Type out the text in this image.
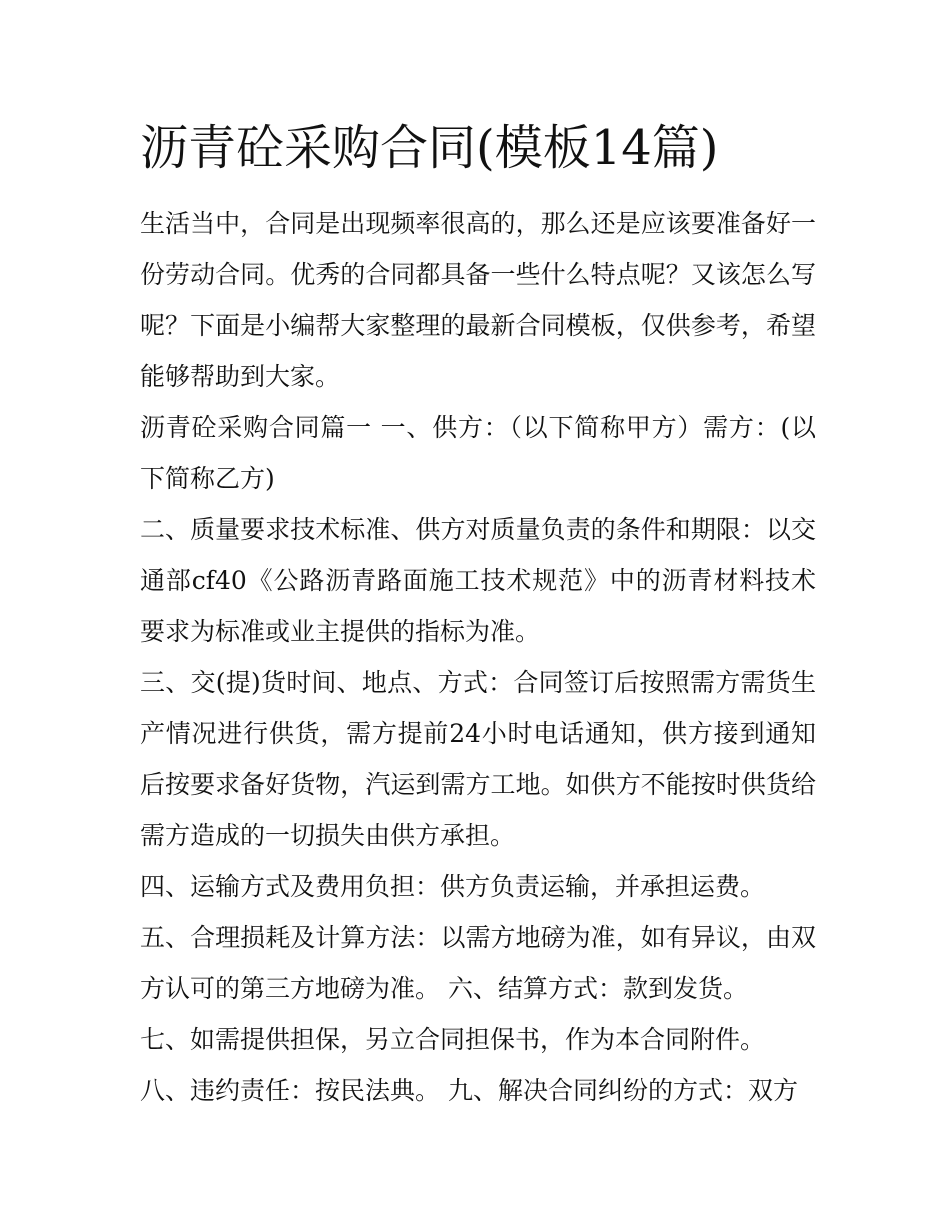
沥青砼采购合同(模板14篇)

生活当中，合同是出现频率很高的，那么还是应该要准备好一份劳动合同。优秀的合同都具备一些什么特点呢？又该怎么写呢？下面是小编帮大家整理的最新合同模板，仅供参考，希望能够帮助到大家。

沥青砼采购合同篇一 一、供方：（以下简称甲方）需方：(以下简称乙方)

二、质量要求技术标准、供方对质量负责的条件和期限：以交通部cf40《公路沥青路面施工技术规范》中的沥青材料技术要求为标准或业主提供的指标为准。

三、交(提)货时间、地点、方式：合同签订后按照需方需货生产情况进行供货，需方提前24小时电话通知，供方接到通知后按要求备好货物，汽运到需方工地。如供方不能按时供货给需方造成的一切损失由供方承担。

四、运输方式及费用负担：供方负责运输，并承担运费。

五、合理损耗及计算方法：以需方地磅为准，如有异议，由双方认可的第三方地磅为准。 六、结算方式：款到发货。

七、如需提供担保，另立合同担保书，作为本合同附件。

八、违约责任：按民法典。 九、解决合同纠纷的方式：双方
